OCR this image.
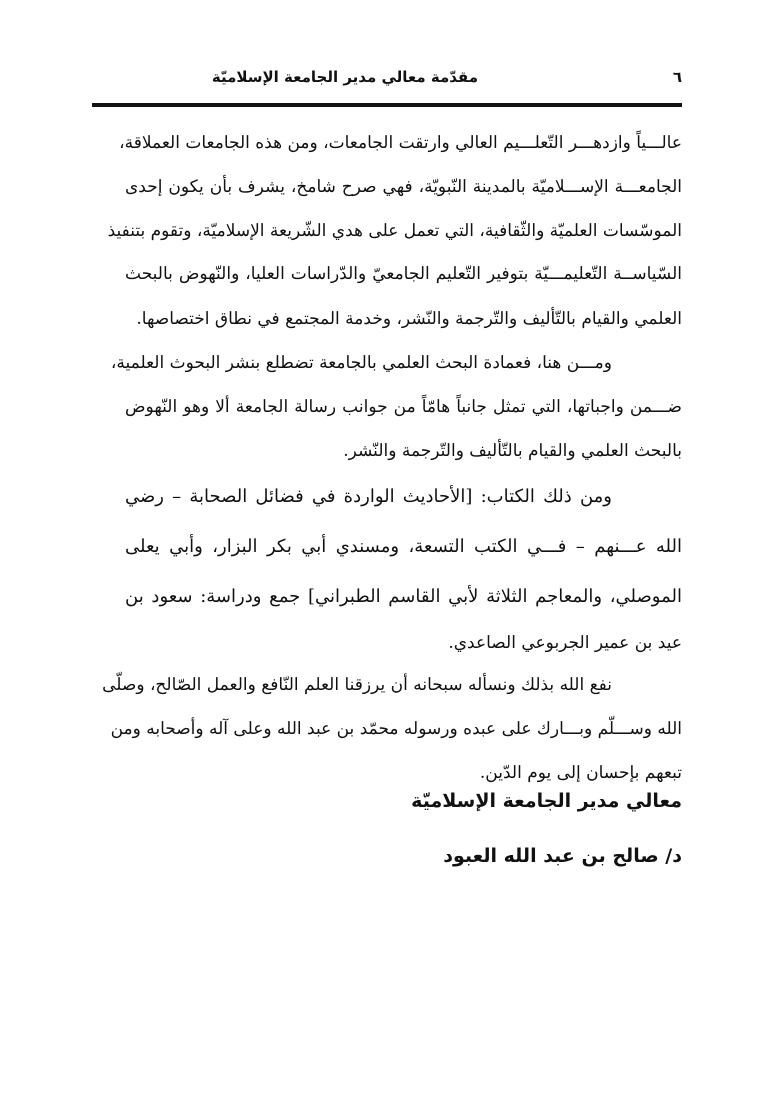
مقدّمة معالي مدير الجامعة الإسلاميّة	٦
عالـــياً وازدهـــر التّعلـــيم العالي وارتقت الجامعات، ومن هذه الجامعات العملاقة،
الجامعـــة الإســـلاميّة بالمدينة النّبويّة، فهي صرح شامخ، يشرف بأن يكون إحدى
الموسّسات العلميّة والثّقافية، التي تعمل على هدي الشّريعة الإسلاميّة، وتقوم بتنفيذ
السّياســة التّعليمـــيّة بتوفير التّعليم الجامعيّ والدّراسات العليا، والنّهوض بالبحث
العلمي والقيام بالتّأليف والتّرجمة والنّشر، وخدمة المجتمع في نطاق اختصاصها.
ومـــن هنا، فعمادة البحث العلمي بالجامعة تضطلع بنشر البحوث العلمية،
ضـــمن واجباتها، التي تمثل جانباً هامّاً من جوانب رسالة الجامعة ألا وهو النّهوض
بالبحث العلمي والقيام بالتّأليف والتّرجمة والنّشر.
ومن ذلك الكتاب: [الأحاديث الواردة في فضائل الصحابة – رضي
الله عـــنهم – فـــي الكتب التسعة، ومسندي أبي بكر البزار، وأبي يعلى
الموصلي، والمعاجم الثلاثة لأبي القاسم الطبراني] جمع ودراسة: سعود بن
عيد بن عمير الجربوعي الصاعدي.
نفع الله بذلك ونسأله سبحانه أن يرزقنا العلم النّافع والعمل الصّالح، وصلّى
الله وســـلّم وبـــارك على عبده ورسوله محمّد بن عبد الله وعلى آله وأصحابه ومن
تبعهم بإحسان إلى يوم الدّين.
معالي مدير الجامعة الإسلاميّة
د/ صالح بن عبد الله العبود
